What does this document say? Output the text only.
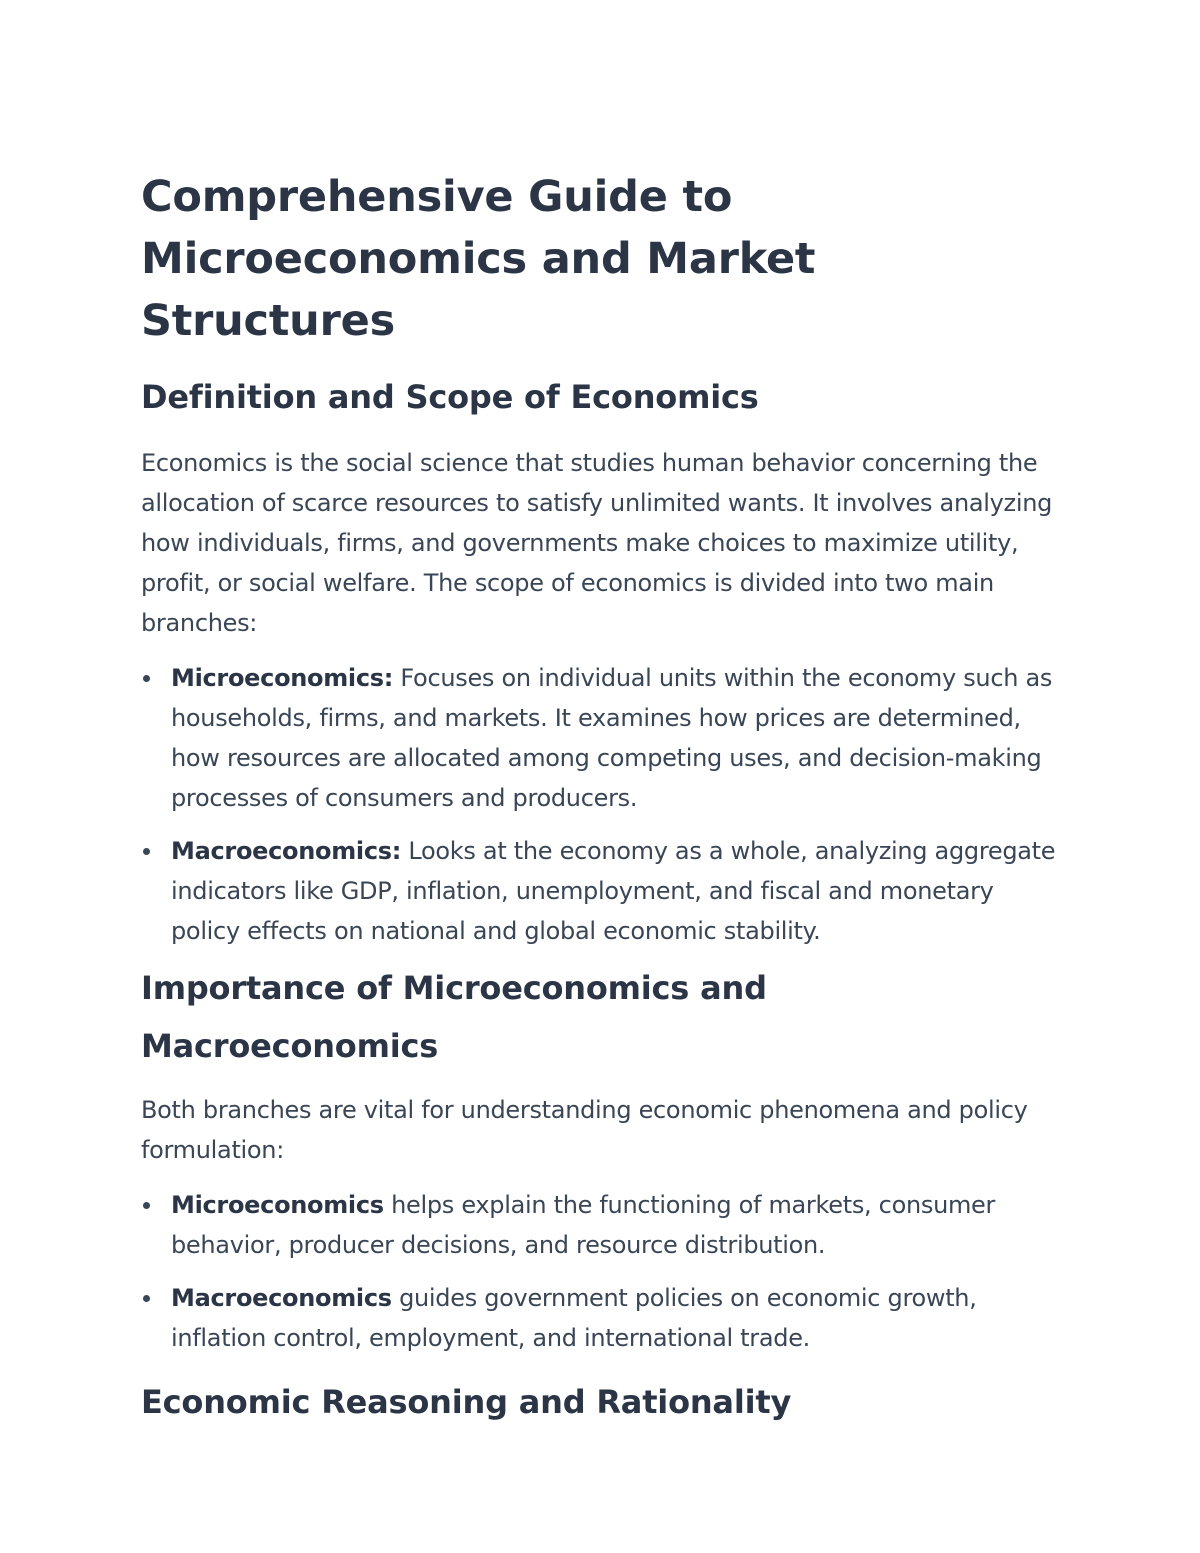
Comprehensive Guide to
Microeconomics and Market Structures
Definition and Scope of Economics

Economics is the social science that studies human behavior concerning the allocation of scarce resources to satisfy unlimited wants. It involves analyzing how individuals, firms, and governments make choices to maximize utility, profit, or social welfare. The scope of economics is divided into two main branches:

Microeconomics: Focuses on individual units within the economy such as households, firms, and markets. It examines how prices are determined, how resources are allocated among competing uses, and decision-making processes of consumers and producers.
Macroeconomics: Looks at the economy as a whole, analyzing aggregate indicators like GDP, inflation, unemployment, and fiscal and monetary policy effects on national and global economic stability.
Importance of Microeconomics and
Macroeconomics

Both branches are vital for understanding economic phenomena and policy formulation:

Microeconomics helps explain the functioning of markets, consumer behavior, producer decisions, and resource distribution.
Macroeconomics guides government policies on economic growth, inflation control, employment, and international trade.
Economic Reasoning and Rationality
